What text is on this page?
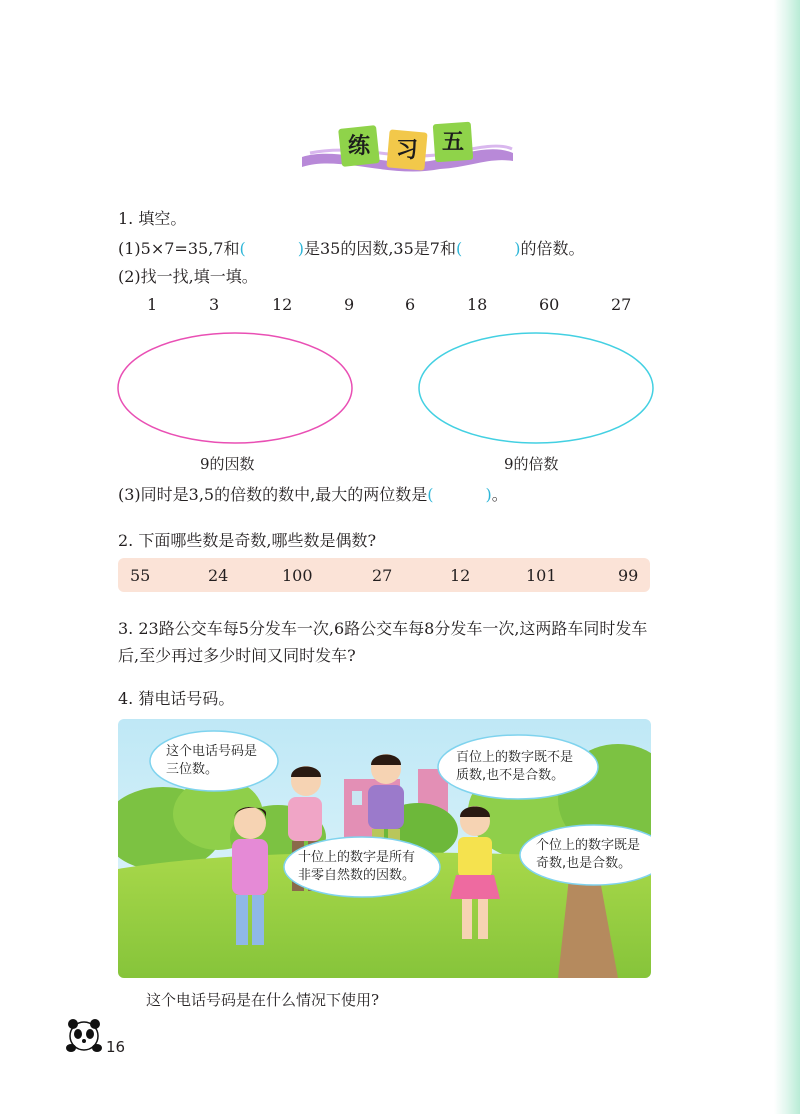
练	习	五
1. 填空。
(1)5×7=35,7和(	)是35的因数,35是7和(	)的倍数。
(2)找一找,填一填。
1	3	12	9	6	18	60	27
9的因数	9的倍数
(3)同时是3,5的倍数的数中,最大的两位数是(	)。
2. 下面哪些数是奇数,哪些数是偶数?
55	24	100	27	12	101	99
3. 23路公交车每5分发车一次,6路公交车每8分发车一次,这两路车同时发车
后,至少再过多少时间又同时发车?
4. 猜电话号码。
这个电话号码是
三位数。
百位上的数字既不是
质数,也不是合数。
十位上的数字是所有
非零自然数的因数。
个位上的数字既是
奇数,也是合数。
这个电话号码是在什么情况下使用?
16
